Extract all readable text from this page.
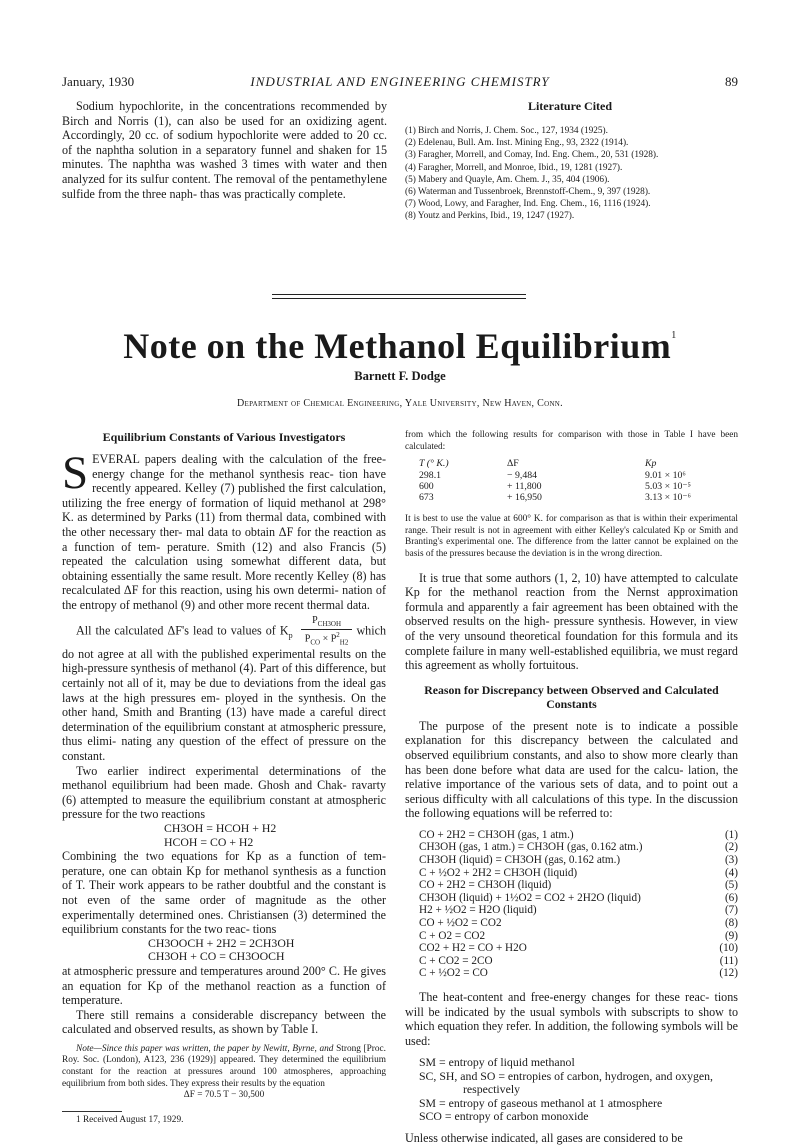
January, 1930	INDUSTRIAL AND ENGINEERING CHEMISTRY	89

Sodium hypochlorite, in the concentrations recommended by Birch and Norris (1), can also be used for an oxidizing agent. Accordingly, 20 cc. of sodium hypochlorite were added to 20 cc. of the naphtha solution in a separatory funnel and shaken for 15 minutes. The naphtha was washed 3 times with water and then analyzed for its sulfur content. The removal of the pentamethylene sulfide from the three naph- thas was practically complete.

Literature Cited
(1) Birch and Norris, J. Chem. Soc., 127, 1934 (1925).
(2) Edelenau, Bull. Am. Inst. Mining Eng., 93, 2322 (1914).
(3) Faragher, Morrell, and Comay, Ind. Eng. Chem., 20, 531 (1928).
(4) Faragher, Morrell, and Monroe, Ibid., 19, 1281 (1927).
(5) Mabery and Quayle, Am. Chem. J., 35, 404 (1906).
(6) Waterman and Tussenbroek, Brennstoff-Chem., 9, 397 (1928).
(7) Wood, Lowy, and Faragher, Ind. Eng. Chem., 16, 1116 (1924).
(8) Youtz and Perkins, Ibid., 19, 1247 (1927).
Note on the Methanol Equilibrium$^1$
Barnett F. Dodge
Department of Chemical Engineering, Yale University, New Haven, Conn.
Equilibrium Constants of Various Investigators

S EVERAL papers dealing with the calculation of the free-energy change for the methanol synthesis reac- tion have recently appeared. Kelley (7) published the first calculation, utilizing the free energy of formation of liquid methanol at 298° K. as determined by Parks (11) from thermal data, combined with the other necessary ther- mal data to obtain ΔF for the reaction as a function of tem- perature. Smith (12) and also Francis (5) repeated the calculation using somewhat different data, but obtaining essentially the same result. More recently Kelley (8) has recalculated ΔF for this reaction, using his own determi- nation of the entropy of methanol (9) and other more recent thermal data.

All the calculated ΔF's lead to values of $K_p$
$P_{CH3OH}$
$P_{CO} \times P^2_{H2}$
which do not agree at all with the published experimental results on the high-pressure synthesis of methanol (4). Part of this difference, but certainly not all of it, may be due to deviations from the ideal gas laws at the high pressures em- ployed in the synthesis. On the other hand, Smith and Branting (13) have made a careful direct determination of the equilibrium constant at atmospheric pressure, thus elimi- nating any question of the effect of pressure on the constant.

Two earlier indirect experimental determinations of the methanol equilibrium had been made. Ghosh and Chak- ravarty (6) attempted to measure the equilibrium constant at atmospheric pressure for the two reactions

CH3OH = HCOH + H2
HCOH = CO + H2

Combining the two equations for Kp as a function of tem- perature, one can obtain Kp for methanol synthesis as a function of T. Their work appears to be rather doubtful and the constant is not even of the same order of magnitude as the other experimentally determined ones. Christiansen (3) determined the equilibrium constants for the two reac- tions

CH3OOCH + 2H2 = 2CH3OH
CH3OH + CO = CH3OOCH

at atmospheric pressure and temperatures around 200° C. He gives an equation for Kp of the methanol reaction as a function of temperature.

There still remains a considerable discrepancy between the calculated and observed results, as shown by Table I.

Note—Since this paper was written, the paper by Newitt, Byrne, and Strong [Proc. Roy. Soc. (London), A123, 236 (1929)] appeared. They determined the equilibrium constant for the reaction at pressures around 100 atmospheres, approaching equilibrium from both sides. They express their results by the equation

ΔF = 70.5 T − 30,500
1 Received August 17, 1929.

from which the following results for comparison with those in Table I have been calculated:

T (° K.)	ΔF	Kp
298.1	− 9,484	9.01 × 10⁶
600	+ 11,800	5.03 × 10⁻⁵
673	+ 16,950	3.13 × 10⁻⁶

It is best to use the value at 600° K. for comparison as that is within their experimental range. Their result is not in agreement with either Kelley's calculated Kp or Smith and Branting's experimental one. The difference from the latter cannot be explained on the basis of the pressures because the deviation is in the wrong direction.

It is true that some authors (1, 2, 10) have attempted to calculate Kp for the methanol reaction from the Nernst approximation formula and apparently a fair agreement has been obtained with the observed results on the high- pressure synthesis. However, in view of the very unsound theoretical foundation for this formula and its complete failure in many well-established equilibria, we must regard this agreement as wholly fortuitous.

Reason for Discrepancy between Observed and Calculated
Constants

The purpose of the present note is to indicate a possible explanation for this discrepancy between the calculated and observed equilibrium constants, and also to show more clearly than has been done before what data are used for the calcu- lation, the relative importance of the various sets of data, and to point out a serious difficulty with all calculations of this type. In the discussion the following equations will be referred to:

CO + 2H2 = CH3OH (gas, 1 atm.)	(1)
CH3OH (gas, 1 atm.) = CH3OH (gas, 0.162 atm.)	(2)
CH3OH (liquid) = CH3OH (gas, 0.162 atm.)	(3)
C + ½O2 + 2H2 = CH3OH (liquid)	(4)
CO + 2H2 = CH3OH (liquid)	(5)
CH3OH (liquid) + 1½O2 = CO2 + 2H2O (liquid)	(6)
H2 + ½O2 = H2O (liquid)	(7)
CO + ½O2 = CO2	(8)
C + O2 = CO2	(9)
CO2 + H2 = CO + H2O	(10)
C + CO2 = 2CO	(11)
C + ½O2 = CO	(12)

The heat-content and free-energy changes for these reac- tions will be indicated by the usual symbols with subscripts to show to which equation they refer. In addition, the following symbols will be used:

SM = entropy of liquid methanol
SC, SH, and SO = entropies of carbon, hydrogen, and oxygen,
respectively
SM = entropy of gaseous methanol at 1 atmosphere
SCO = entropy of carbon monoxide

Unless otherwise indicated, all gases are considered to be
